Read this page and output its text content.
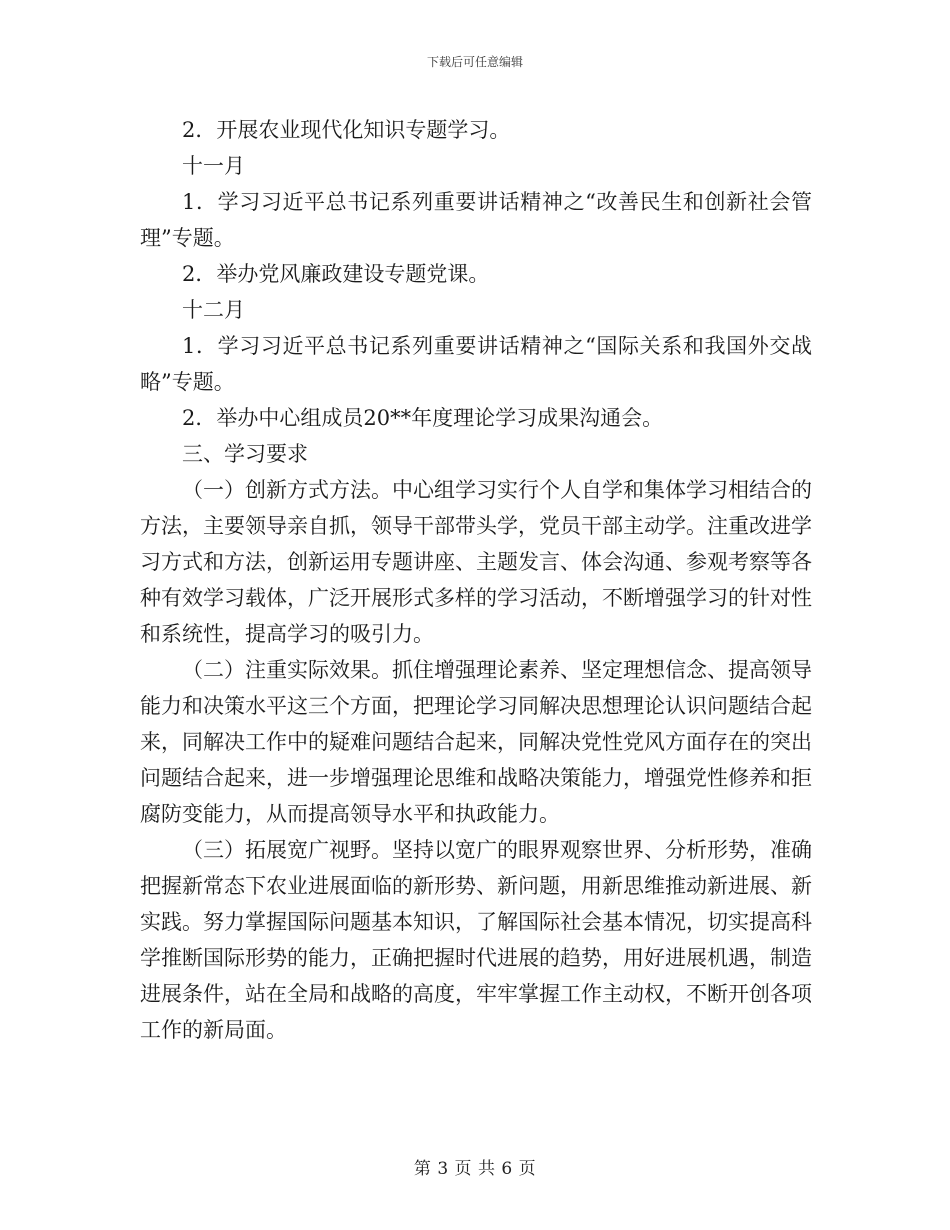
下载后可任意编辑

2．开展农业现代化知识专题学习。

十一月

1．学习习近平总书记系列重要讲话精神之“改善民生和创新社会管理”专题。

2．举办党风廉政建设专题党课。

十二月

1．学习习近平总书记系列重要讲话精神之“国际关系和我国外交战略”专题。

2．举办中心组成员20**年度理论学习成果沟通会。

三、学习要求

（一）创新方式方法。中心组学习实行个人自学和集体学习相结合的方法，主要领导亲自抓，领导干部带头学，党员干部主动学。注重改进学习方式和方法，创新运用专题讲座、主题发言、体会沟通、参观考察等各种有效学习载体，广泛开展形式多样的学习活动，不断增强学习的针对性和系统性，提高学习的吸引力。

（二）注重实际效果。抓住增强理论素养、坚定理想信念、提高领导能力和决策水平这三个方面，把理论学习同解决思想理论认识问题结合起来，同解决工作中的疑难问题结合起来，同解决党性党风方面存在的突出问题结合起来，进一步增强理论思维和战略决策能力，增强党性修养和拒腐防变能力，从而提高领导水平和执政能力。

（三）拓展宽广视野。坚持以宽广的眼界观察世界、分析形势，准确把握新常态下农业进展面临的新形势、新问题，用新思维推动新进展、新实践。努力掌握国际问题基本知识，了解国际社会基本情况，切实提高科学推断国际形势的能力，正确把握时代进展的趋势，用好进展机遇，制造进展条件，站在全局和战略的高度，牢牢掌握工作主动权，不断开创各项工作的新局面。

第 3 页 共 6 页
